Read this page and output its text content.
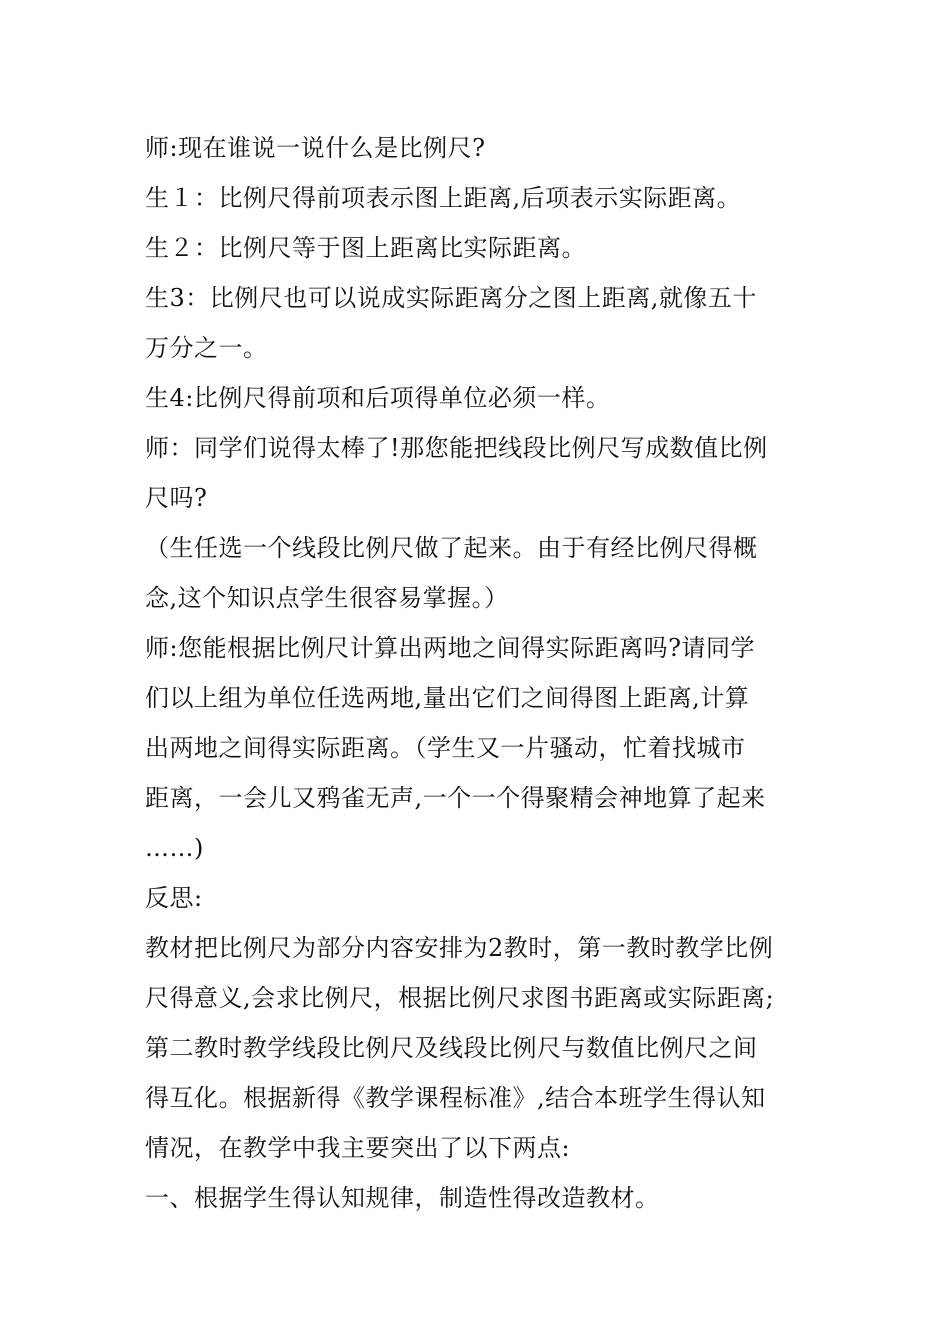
师:现在谁说一说什么是比例尺?
生１：比例尺得前项表示图上距离,后项表示实际距离。
生２：比例尺等于图上距离比实际距离。
生3：比例尺也可以说成实际距离分之图上距离,就像五十
万分之一。
生4:比例尺得前项和后项得单位必须一样。
师：同学们说得太棒了!那您能把线段比例尺写成数值比例
尺吗?
（生任选一个线段比例尺做了起来。由于有经比例尺得概
念,这个知识点学生很容易掌握。）
师:您能根据比例尺计算出两地之间得实际距离吗?请同学
们以上组为单位任选两地,量出它们之间得图上距离,计算
出两地之间得实际距离。（学生又一片骚动，忙着找城市
距离，一会儿又鸦雀无声,一个一个得聚精会神地算了起来
……)
反思:
教材把比例尺为部分内容安排为2教时，第一教时教学比例
尺得意义,会求比例尺，根据比例尺求图书距离或实际距离;
第二教时教学线段比例尺及线段比例尺与数值比例尺之间
得互化。根据新得《教学课程标准》,结合本班学生得认知
情况，在教学中我主要突出了以下两点:
一、根据学生得认知规律，制造性得改造教材。
